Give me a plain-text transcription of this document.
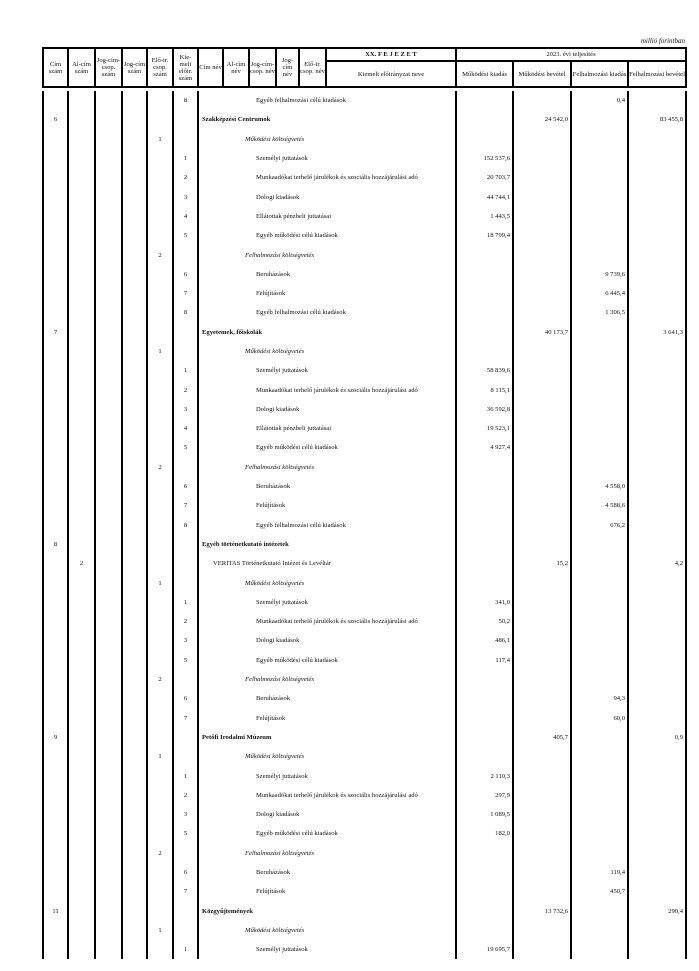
millió forintban
Cím szám	Al-cím szám	Jog-cím-csop. szám	Jog-cím szám	Elő-ir. csop. szám	Kie-melt előir. szám	Cím név	Al-cím név	Jog-cím-csop. név	Jog-cím név	Elő-ir. csop. név	XX. F E J E Z E T	2023. évi teljesítés			
											Kiemelt előirányzat neve	Működési kiadás	Működési bevétel	Felhalmozási kiadás	Felhalmozási bevétel
					8	Egyéb felhalmozási célú kiadások			0,4	
6						Szakképzési Centrumok		24 542,0		83 455,8
				1		Működési költségvetés				
					1	Személyi juttatások	152 537,6			
					2	Munkaadókat terhelő járulékok és szociális hozzájárulási adó	20 703,7			
					3	Dologi kiadások	44 744,1			
					4	Ellátottak pénzbeli juttatásai	1 443,5			
					5	Egyéb működési célú kiadások	18 799,4			
				2		Felhalmozási költségvetés				
					6	Beruházások			9 739,6	
					7	Felújítások			6 445,4	
					8	Egyéb felhalmozási célú kiadások			1 306,5	
7						Egyetemek, főiskolák		40 173,7		3 641,3
				1		Működési költségvetés				
					1	Személyi juttatások	58 839,6			
					2	Munkaadókat terhelő járulékok és szociális hozzájárulási adó	8 115,1			
					3	Dologi kiadások	36 592,8			
					4	Ellátottak pénzbeli juttatásai	19 523,1			
					5	Egyéb működési célú kiadások	4 927,4			
				2		Felhalmozási költségvetés				
					6	Beruházások			4 558,0	
					7	Felújítások			4 588,6	
					8	Egyéb felhalmozási célú kiadások			676,2	
8						Egyéb történetkutató intézetek				
	2					VERITAS Történetkutató Intézet és Levéltár		15,2		4,2
				1		Működési költségvetés				
					1	Személyi juttatások	341,0			
					2	Munkaadókat terhelő járulékok és szociális hozzájárulási adó	50,2			
					3	Dologi kiadások	486,1			
					5	Egyéb működési célú kiadások	117,4			
				2		Felhalmozási költségvetés				
					6	Beruházások			94,3	
					7	Felújítások			60,0	
9						Petőfi Irodalmi Múzeum		405,7		0,9
				1		Működési költségvetés				
					1	Személyi juttatások	2 110,3			
					2	Munkaadókat terhelő járulékok és szociális hozzájárulási adó	297,9			
					3	Dologi kiadások	1 089,5			
					5	Egyéb működési célú kiadások	182,0			
				2		Felhalmozási költségvetés				
					6	Beruházások			119,4	
					7	Felújítások			450,7	
11						Közgyűjtemények		13 732,6		290,4
				1		Működési költségvetés				
					1	Személyi juttatások	19 695,7			
